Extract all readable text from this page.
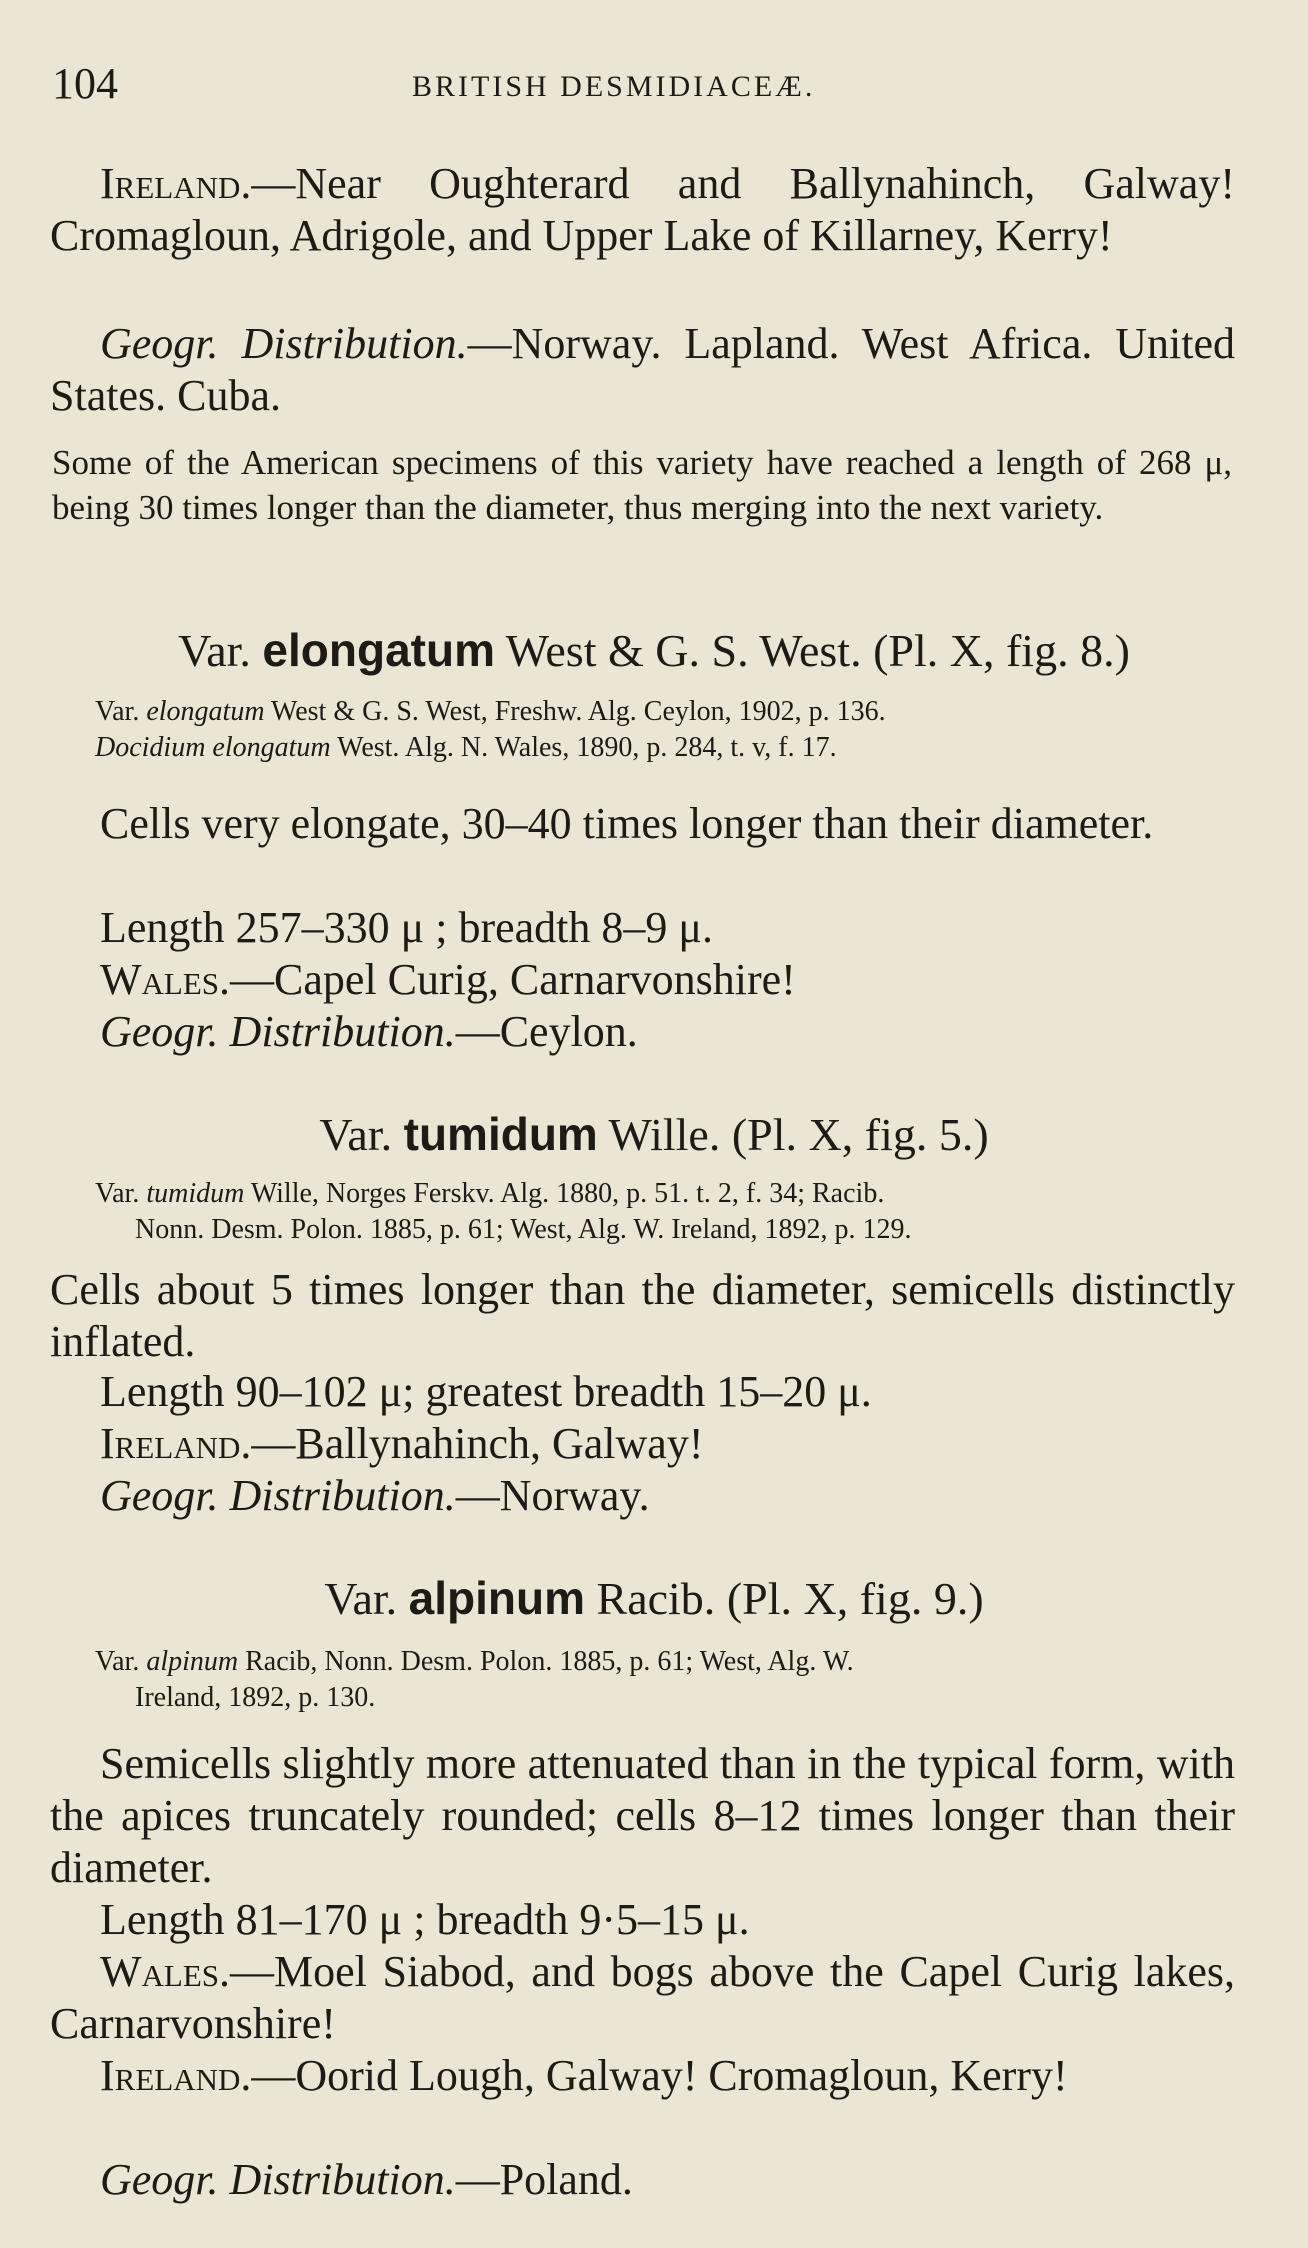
104	BRITISH DESMIDIACEÆ.
Ireland.—Near Oughterard and Ballynahinch, Galway! Cromagloun, Adrigole, and Upper Lake of Killarney, Kerry!
Geogr. Distribution.—Norway. Lapland. West Africa. United States. Cuba.
Some of the American specimens of this variety have reached a length of 268 μ, being 30 times longer than the diameter, thus merging into the next variety.
Var. elongatum West & G. S. West. (Pl. X, fig. 8.)
Var. elongatum West & G. S. West, Freshw. Alg. Ceylon, 1902, p. 136.
Docidium elongatum West. Alg. N. Wales, 1890, p. 284, t. v, f. 17.
Cells very elongate, 30–40 times longer than their diameter.
Length 257–330 μ ; breadth 8–9 μ.
Wales.—Capel Curig, Carnarvonshire!
Geogr. Distribution.—Ceylon.
Var. tumidum Wille. (Pl. X, fig. 5.)
Var. tumidum Wille, Norges Ferskv. Alg. 1880, p. 51. t. 2, f. 34; Racib.
Nonn. Desm. Polon. 1885, p. 61; West, Alg. W. Ireland, 1892, p. 129.
Cells about 5 times longer than the diameter, semicells distinctly inflated.
Length 90–102 μ; greatest breadth 15–20 μ.
Ireland.—Ballynahinch, Galway!
Geogr. Distribution.—Norway.
Var. alpinum Racib. (Pl. X, fig. 9.)
Var. alpinum Racib, Nonn. Desm. Polon. 1885, p. 61; West, Alg. W.
Ireland, 1892, p. 130.
Semicells slightly more attenuated than in the typical form, with the apices truncately rounded; cells 8–12 times longer than their diameter.
Length 81–170 μ ; breadth 9·5–15 μ.
Wales.—Moel Siabod, and bogs above the Capel Curig lakes, Carnarvonshire!
Ireland.—Oorid Lough, Galway! Cromagloun, Kerry!
Geogr. Distribution.—Poland.
